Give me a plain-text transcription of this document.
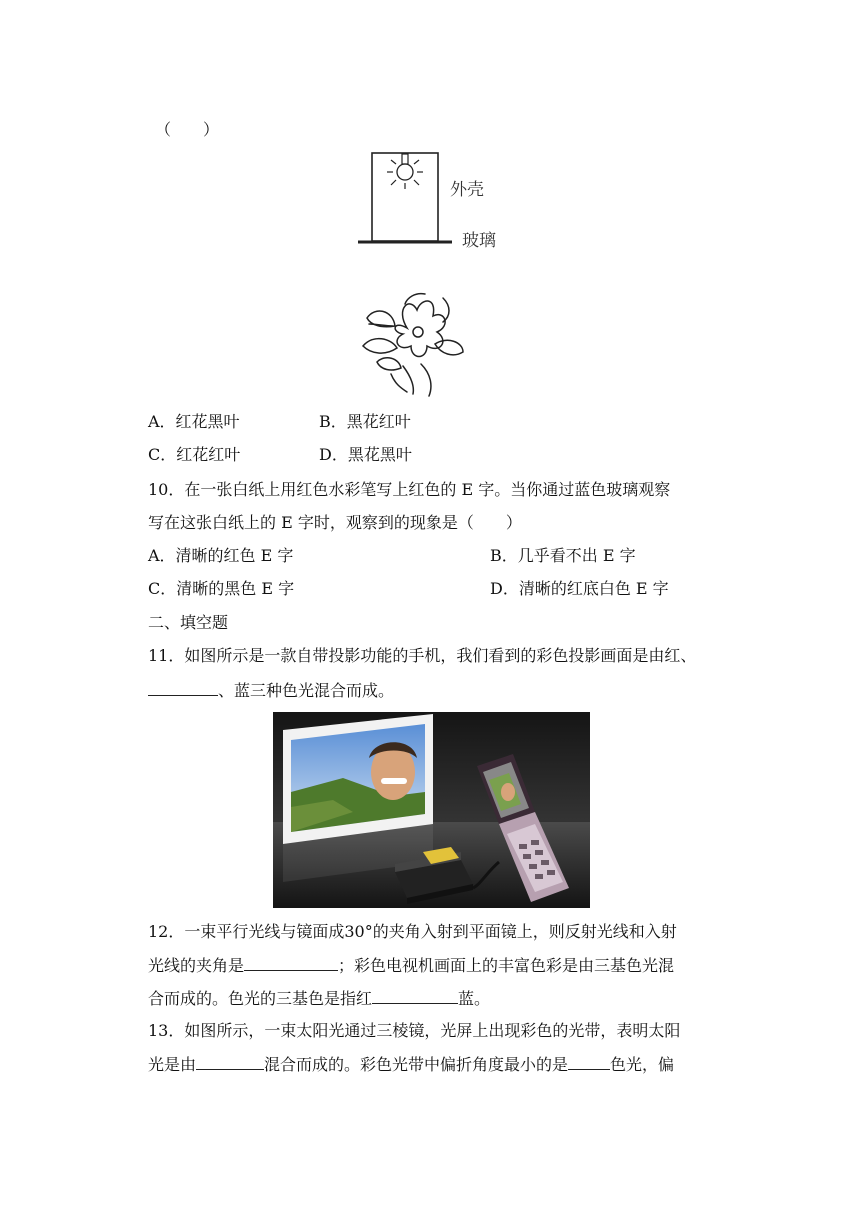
（　　）
外壳
玻璃
A．红花黑叶	B．黑花红叶
C．红花红叶	D．黑花黑叶
10．在一张白纸上用红色水彩笔写上红色的 E 字。当你通过蓝色玻璃观察
写在这张白纸上的 E 字时，观察到的现象是（　　）
A．清晰的红色 E 字	B．几乎看不出 E 字
C．清晰的黑色 E 字	D．清晰的红底白色 E 字
二、填空题
11．如图所示是一款自带投影功能的手机，我们看到的彩色投影画面是由红、
、蓝三种色光混合而成。
12．一束平行光线与镜面成30°的夹角入射到平面镜上，则反射光线和入射
光线的夹角是	；彩色电视机画面上的丰富色彩是由三基色光混
合而成的。色光的三基色是指红	蓝。
13．如图所示，一束太阳光通过三棱镜，光屏上出现彩色的光带，表明太阳
光是由	混合而成的。彩色光带中偏折角度最小的是	色光，偏
